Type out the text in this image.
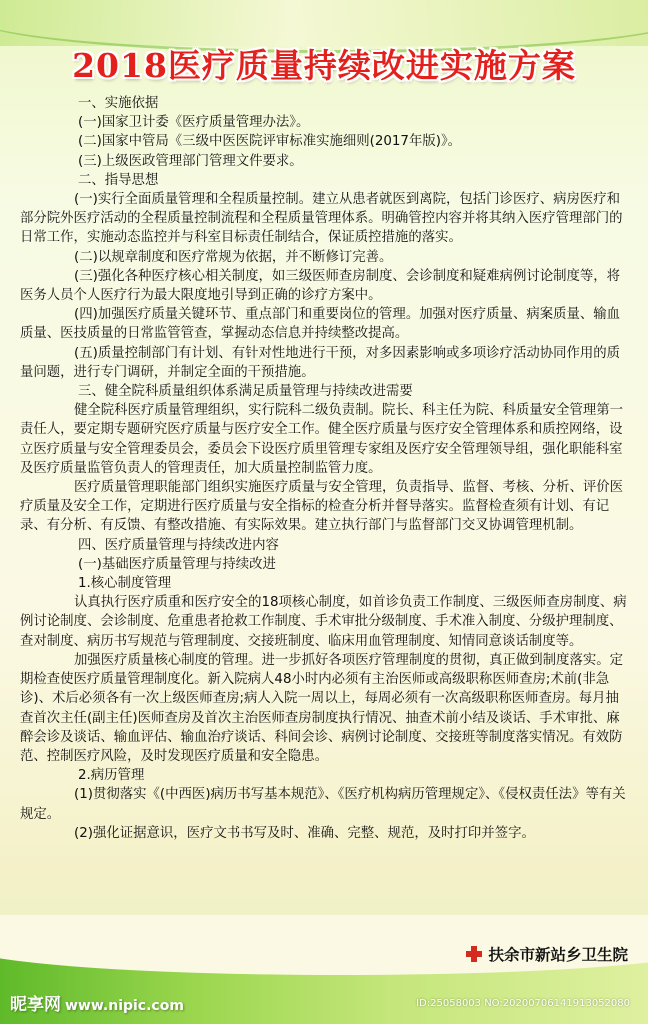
2018医疗质量持续改进实施方案

一、实施依据

(一)国家卫计委《医疗质量管理办法》。

(二)国家中管局《三级中医医院评审标准实施细则(2017年版)》。

(三)上级医政管理部门管理文件要求。

二、指导思想

(一)实行全面质量管理和全程质量控制。建立从患者就医到离院，包括门诊医疗、病房医疗和部分院外医疗活动的全程质量控制流程和全程质量管理体系。明确管控内容并将其纳入医疗管理部门的日常工作，实施动态监控并与科室目标责任制结合，保证质控措施的落实。

(二)以规章制度和医疗常规为依据，并不断修订完善。

(三)强化各种医疗核心相关制度，如三级医师查房制度、会诊制度和疑难病例讨论制度等，将医务人员个人医疗行为最大限度地引导到正确的诊疗方案中。

(四)加强医疗质量关键环节、重点部门和重要岗位的管理。加强对医疗质量、病案质量、输血质量、医技质量的日常监管管查，掌握动态信息并持续整改提高。

(五)质量控制部门有计划、有针对性地进行干预，对多因素影响或多项诊疗活动协同作用的质量问题，进行专门调研，并制定全面的干预措施。

三、健全院科质量组织体系满足质量管理与持续改进需要

健全院科医疗质量管理组织，实行院科二级负责制。院长、科主任为院、科质量安全管理第一责任人，要定期专题研究医疗质量与医疗安全工作。健全医疗质量与医疗安全管理体系和质控网络，设立医疗质量与安全管理委员会，委员会下设医疗质里管理专家组及医疗安全管理领导组，强化职能科室及医疗质量监管负责人的管理责任，加大质量控制监管力度。

医疗质量管理职能部门组织实施医疗质量与安全管理，负责指导、监督、考核、分析、评价医疗质量及安全工作，定期进行医疗质量与安全指标的检查分析并督导落实。监督检查须有计划、有记录、有分析、有反馈、有整改措施、有实际效果。建立执行部门与监督部门交叉协调管理机制。

四、医疗质量管理与持续改进内容

(一)基础医疗质量管理与持续改进

1.核心制度管理

认真执行医疗质重和医疗安全的18项核心制度，如首诊负责工作制度、三级医师查房制度、病例讨论制度、会诊制度、危重患者抢救工作制度、手术审批分级制度、手术准入制度、分级护理制度、查对制度、病历书写规范与管理制度、交接班制度、临床用血管理制度、知情同意谈话制度等。

加强医疗质量核心制度的管理。进一步抓好各项医疗管理制度的贯彻，真正做到制度落实。定期检查使医疗质量管理制度化。新入院病人48小时内必须有主治医师或高级职称医师查房;术前(非急诊)、术后必须各有一次上级医师查房;病人入院一周以上，每周必须有一次高级职称医师查房。每月抽查首次主任(副主任)医师查房及首次主治医师查房制度执行情况、抽查术前小结及谈话、手术审批、麻醉会诊及谈话、输血评估、输血治疗谈话、科间会诊、病例讨论制度、交接班等制度落实情况。有效防范、控制医疗风险，及时发现医疗质量和安全隐患。

2.病历管理

(1)贯彻落实《(中西医)病历书写基本规范》、《医疗机构病历管理规定》、《侵权责任法》等有关规定。

(2)强化证据意识，医疗文书书写及时、准确、完整、规范，及时打印并签字。

扶余市新站乡卫生院
昵享网 www.nipic.com	ID:25058003 NO:20200706141913052080
